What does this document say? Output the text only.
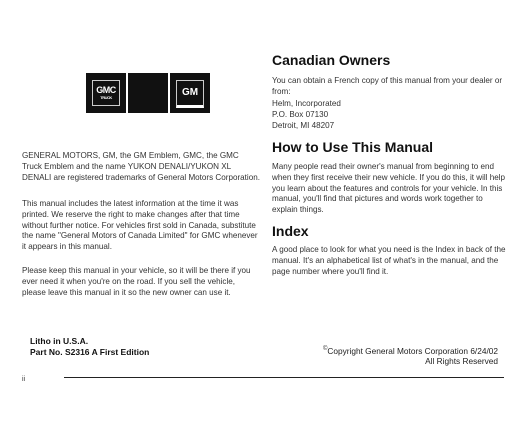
GMC
TRUCK	GM

GENERAL MOTORS, GM, the GM Emblem, GMC, the GMC Truck Emblem and the name YUKON DENALI/YUKON XL DENALI are registered trademarks of General Motors Corporation.

This manual includes the latest information at the time it was printed. We reserve the right to make changes after that time without further notice. For vehicles first sold in Canada, substitute the name "General Motors of Canada Limited" for GMC whenever it appears in this manual.

Please keep this manual in your vehicle, so it will be there if you ever need it when you're on the road. If you sell the vehicle, please leave this manual in it so the new owner can use it.

Litho in U.S.A.
Part No. S2316 A First Edition
Canadian Owners

You can obtain a French copy of this manual from your dealer or from:

Helm, Incorporated

P.O. Box 07130

Detroit, MI 48207

How to Use This Manual

Many people read their owner's manual from beginning to end when they first receive their new vehicle. If you do this, it will help you learn about the features and controls for your vehicle. In this manual, you'll find that pictures and words work together to explain things.

Index

A good place to look for what you need is the Index in back of the manual. It's an alphabetical list of what's in the manual, and the page number where you'll find it.

©Copyright General Motors Corporation 6/24/02
All Rights Reserved
ii
